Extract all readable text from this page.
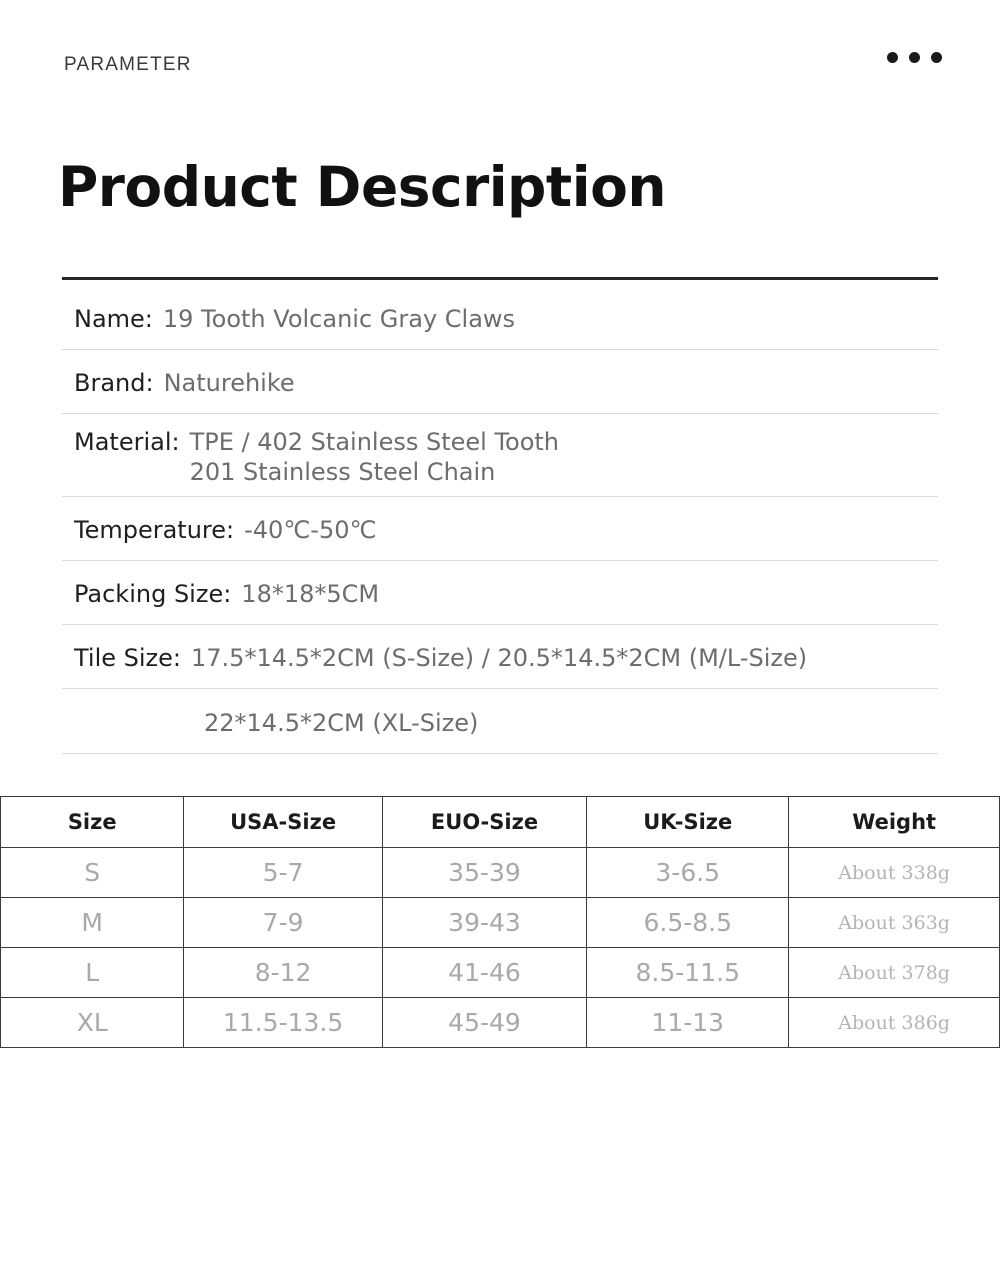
PARAMETER
Product Description
Name: 19 Tooth Volcanic Gray Claws
Brand: Naturehike
Material: TPE / 402 Stainless Steel Tooth
201 Stainless Steel Chain
Temperature: -40℃-50℃
Packing Size: 18*18*5CM
Tile Size: 17.5*14.5*2CM (S-Size) / 20.5*14.5*2CM (M/L-Size)
22*14.5*2CM (XL-Size)
Size	USA-Size	EUO-Size	UK-Size	Weight
S	5-7	35-39	3-6.5	About 338g
M	7-9	39-43	6.5-8.5	About 363g
L	8-12	41-46	8.5-11.5	About 378g
XL	11.5-13.5	45-49	11-13	About 386g
